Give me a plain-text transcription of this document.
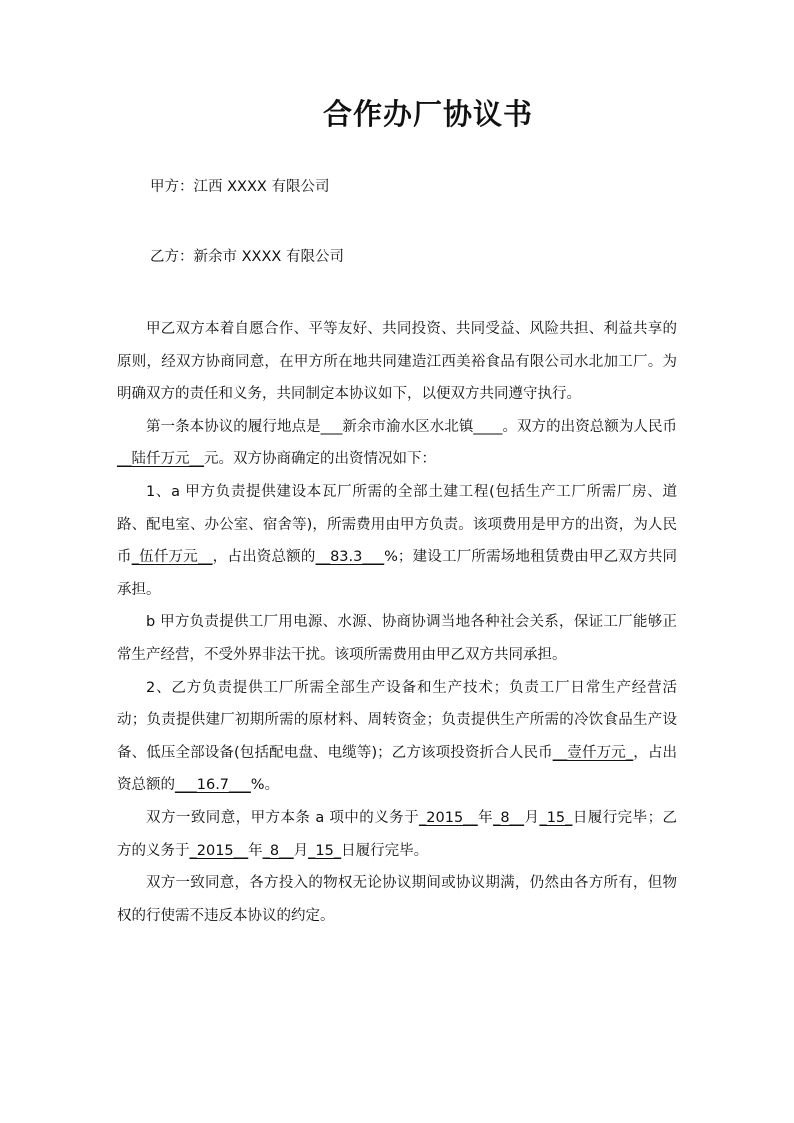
合作办厂协议书
甲方：江西 XXXX 有限公司
乙方：新余市 XXXX 有限公司

甲乙双方本着自愿合作、平等友好、共同投资、共同受益、风险共担、利益共享的原则，经双方协商同意，在甲方所在地共同建造江西美裕食品有限公司水北加工厂。为明确双方的责任和义务，共同制定本协议如下，以便双方共同遵守执行。

第一条本协议的履行地点是___新余市渝水区水北镇____。双方的出资总额为人民币__陆仟万元__元。双方协商确定的出资情况如下：

1、a 甲方负责提供建设本瓦厂所需的全部土建工程(包括生产工厂所需厂房、道路、配电室、办公室、宿舍等)，所需费用由甲方负责。该项费用是甲方的出资，为人民币_伍仟万元__，占出资总额的__83.3___%；建设工厂所需场地租赁费由甲乙双方共同承担。

b 甲方负责提供工厂用电源、水源、协商协调当地各种社会关系，保证工厂能够正常生产经营，不受外界非法干扰。该项所需费用由甲乙双方共同承担。

2、乙方负责提供工厂所需全部生产设备和生产技术；负责工厂日常生产经营活动；负责提供建厂初期所需的原材料、周转资金；负责提供生产所需的冷饮食品生产设备、低压全部设备(包括配电盘、电缆等)；乙方该项投资折合人民币__壹仟万元_，占出资总额的___16.7___%。

双方一致同意，甲方本条 a 项中的义务于_2015__年_8__月_15_日履行完毕；乙方的义务于_2015__年_8__月_15_日履行完毕。

双方一致同意，各方投入的物权无论协议期间或协议期满，仍然由各方所有，但物权的行使需不违反本协议的约定。
